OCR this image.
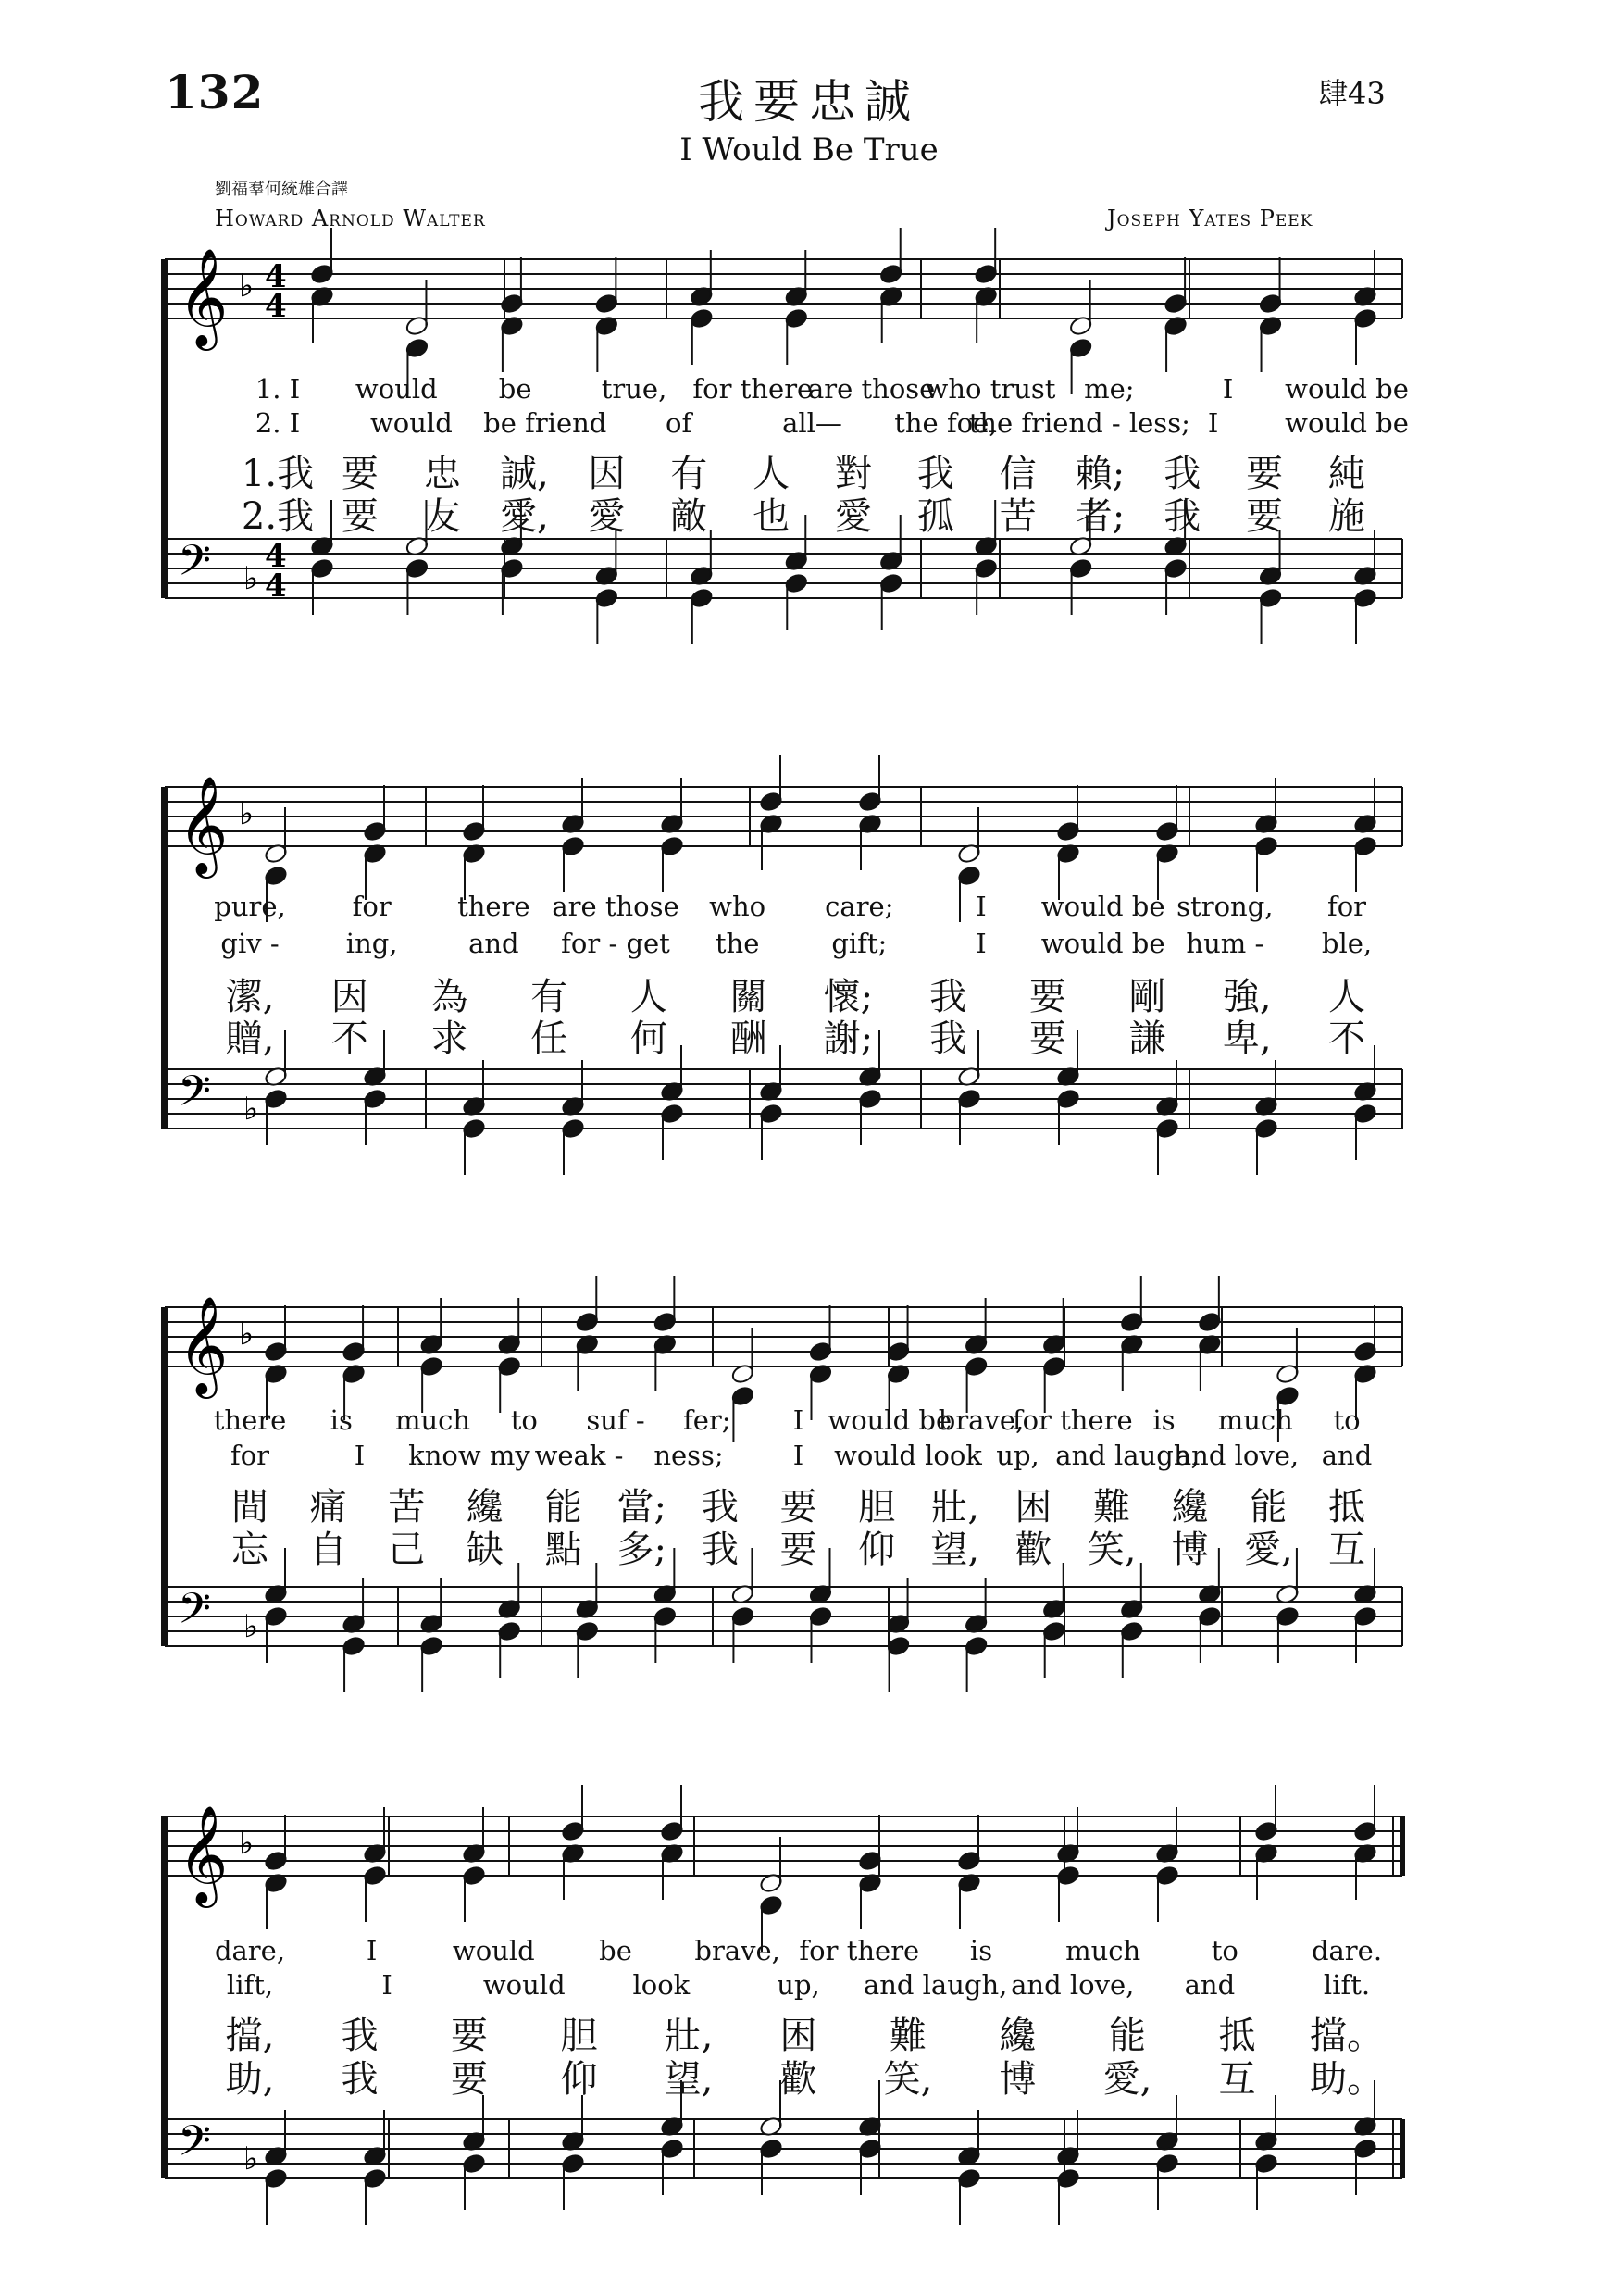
132	我要忠誠	肆43
I Would Be True
劉福羣何統雄合譯
Howard Arnold Walter	Joseph Yates Peek
𝄞 ♭
𝄢 ♭
4
4
4
4
1. I would be	true, for there
are those
who trust me;	I would be
2. I	would be friend of	all— the foe,
the friend - less; I would be
1.我 要 忠 誠, 因 有 人 對 我 信 賴; 我 要 純
2.我 要 友 愛, 愛 敵 也 愛 孤 苦 者; 我 要 施
𝄞 ♭
𝄢 ♭
pure, for there are those who care;	I would be strong, for
giv - ing,	and for - get the	gift;	I would be hum - ble,
潔, 因 為 有 人 關 懷; 我 要 剛 強, 人
贈, 不 求 任 何 酬 謝; 我 要 謙 卑, 不
𝄞 ♭
𝄢 ♭
there is much to suf - fer; I would be
brave,
for there is much to
for	I know my weak - ness;	I would look up, and laugh,
and love, and
間 痛 苦 纔 能 當; 我 要 胆 壯, 困 難 纔 能 抵
忘 自 己 缺 點 多; 我 要 仰 望, 歡 笑, 博 愛, 互
𝄞 ♭
𝄢 ♭
dare,	I	would be brave, for there is	much	to	dare.
lift,	I	would	look	up, and laugh, and love, and	lift.
擋, 我 要 胆 壯, 困 難 纔 能 抵 擋。
助, 我 要 仰 望, 歡 笑, 博 愛, 互 助。
